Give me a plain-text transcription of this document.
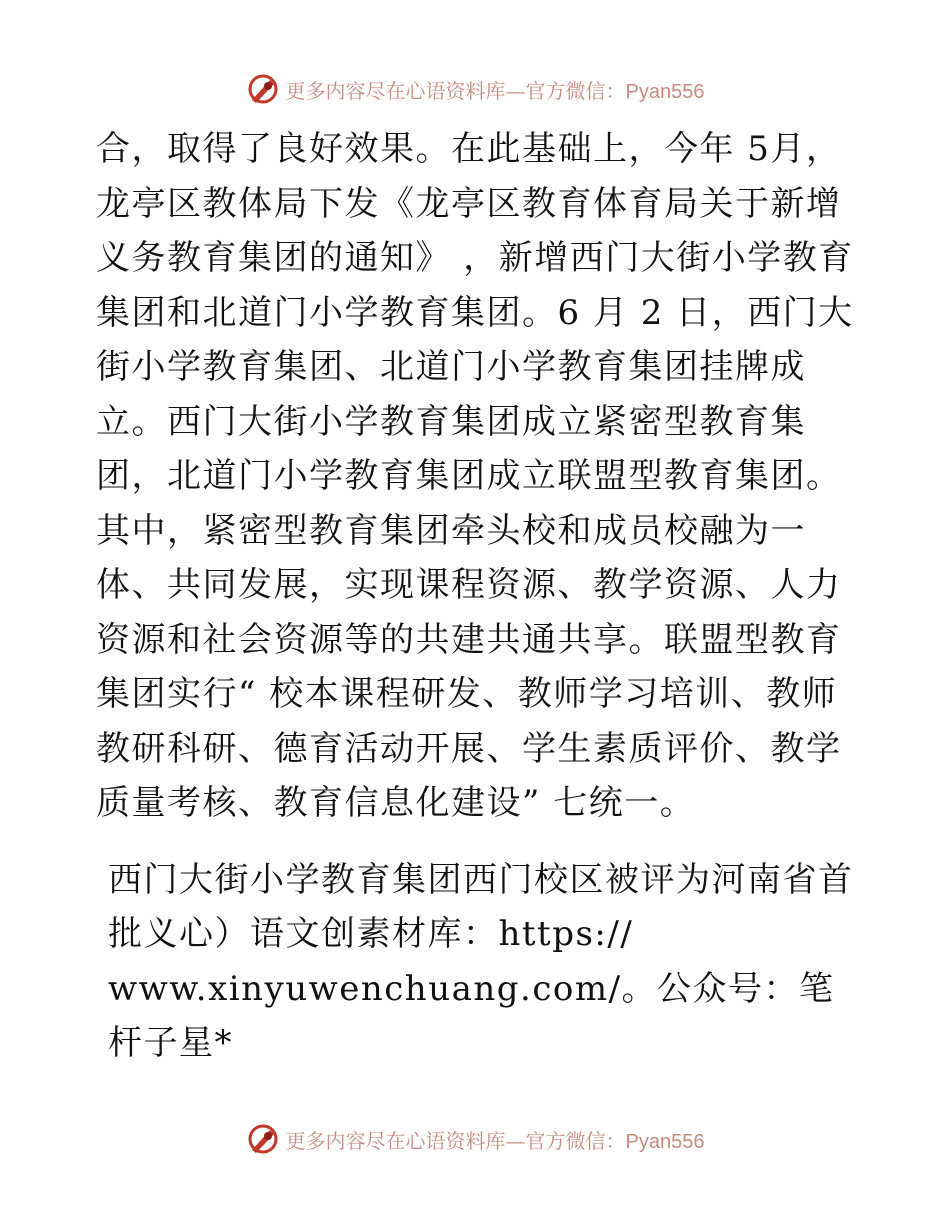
更多内容尽在心语资料库—官方微信：Pyan556

合，取得了良好效果。在此基础上，今年 5月，龙亭区教体局下发《龙亭区教育体育局关于新增义务教育集团的通知》 ，新增西门大街小学教育集团和北道门小学教育集团。6 月 2 日，西门大街小学教育集团、北道门小学教育集团挂牌成立。西门大街小学教育集团成立紧密型教育集团，北道门小学教育集团成立联盟型教育集团。其中，紧密型教育集团牵头校和成员校融为一体、共同发展，实现课程资源、教学资源、人力资源和社会资源等的共建共通共享。联盟型教育集团实行“ 校本课程研发、教师学习培训、教师教研科研、德育活动开展、学生素质评价、教学质量考核、教育信息化建设” 七统一。

西门大街小学教育集团西门校区被评为河南省首
批义心）语文创素材库：https://
www.xinyuwenchuang.com/。公众号：笔杆子星*

更多内容尽在心语资料库—官方微信：Pyan556
